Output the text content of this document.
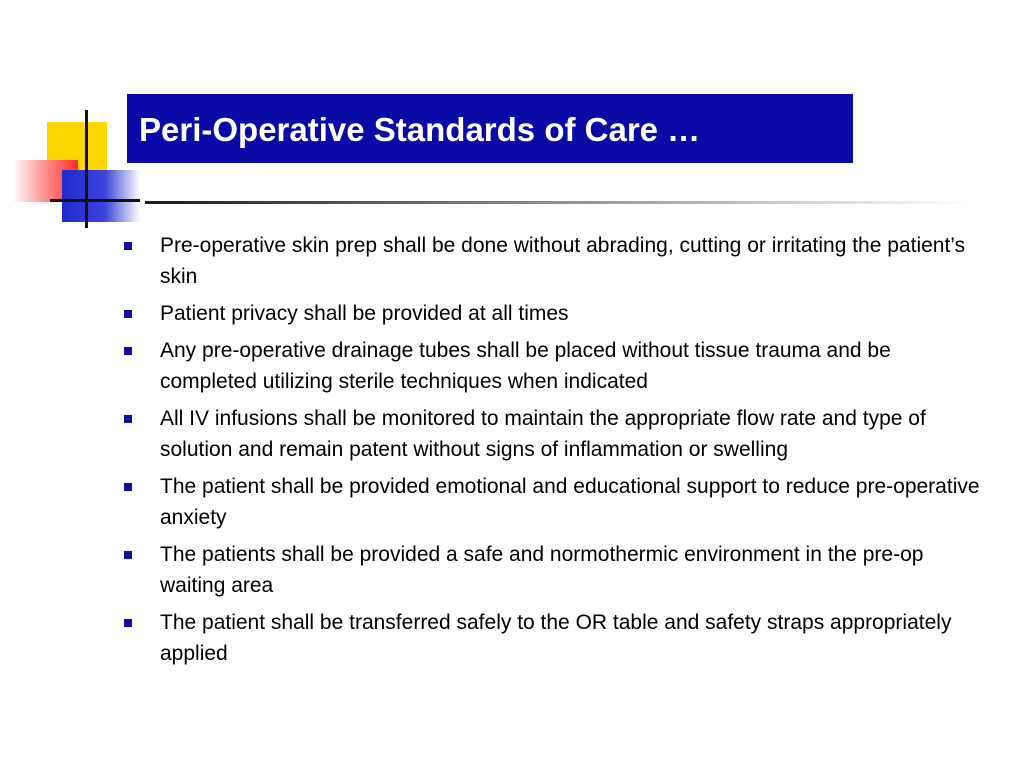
Peri-Operative Standards of Care …
Pre-operative skin prep shall be done without abrading, cutting or irritating the patient’s skin
Patient privacy shall be provided at all times
Any pre-operative drainage tubes shall be placed without tissue trauma and be completed utilizing sterile techniques when indicated
All IV infusions shall be monitored to maintain the appropriate flow rate and type of solution and remain patent without signs of inflammation or swelling
The patient shall be provided emotional and educational support to reduce pre-operative anxiety
The patients shall be provided a safe and normothermic environment in the pre-op waiting area
The patient shall be transferred safely to the OR table and safety straps appropriately applied
